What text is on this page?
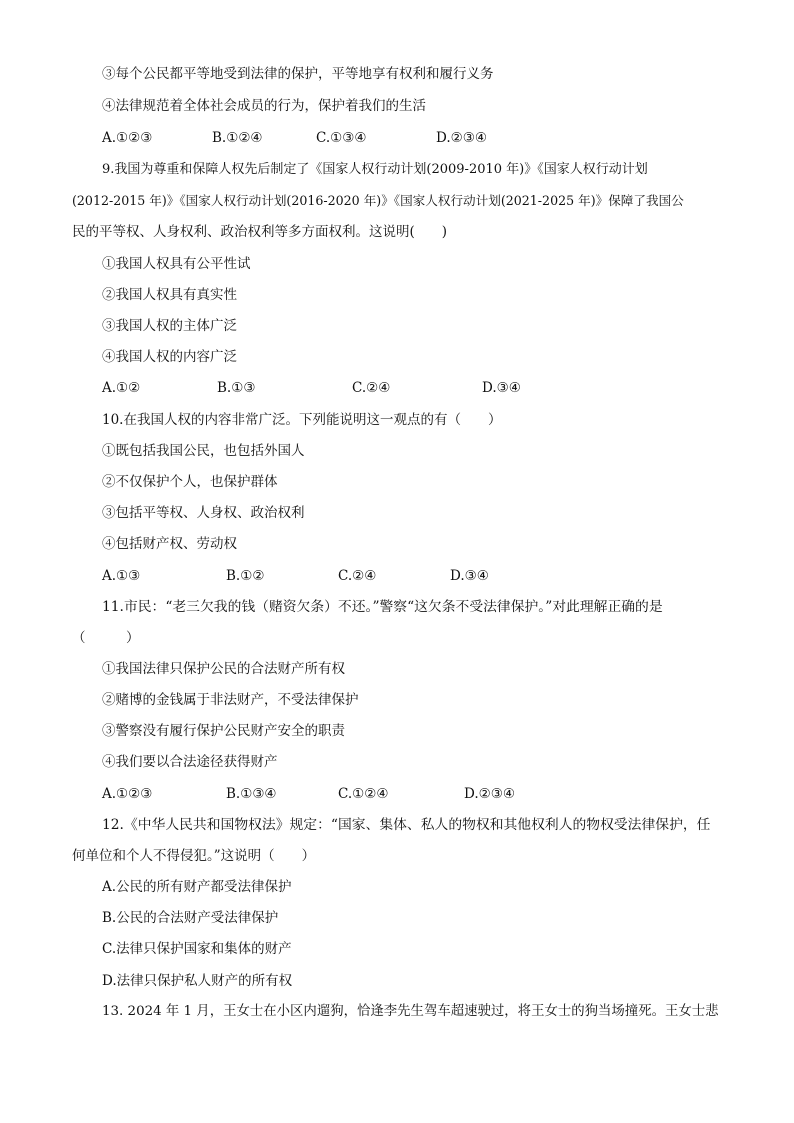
③每个公民都平等地受到法律的保护，平等地享有权利和履行义务
④法律规范着全体社会成员的行为，保护着我们的生活
A.①②③	B.①②④	C.①③④	D.②③④
9.我国为尊重和保障人权先后制定了《国家人权行动计划(2009-2010 年)》《国家人权行动计划
(2012-2015 年)》《国家人权行动计划(2016-2020 年)》《国家人权行动计划(2021-2025 年)》保障了我国公
民的平等权、人身权利、政治权利等多方面权利。这说明(　　)
①我国人权具有公平性试
②我国人权具有真实性
③我国人权的主体广泛
④我国人权的内容广泛
A.①②	B.①③	C.②④	D.③④
10.在我国人权的内容非常广泛。下列能说明这一观点的有（　　）
①既包括我国公民，也包括外国人
②不仅保护个人，也保护群体
③包括平等权、人身权、政治权利
④包括财产权、劳动权
A.①③	B.①②	C.②④	D.③④
11.市民：“老三欠我的钱（赌资欠条）不还。”警察“这欠条不受法律保护。”对此理解正确的是
（　　　）
①我国法律只保护公民的合法财产所有权
②赌博的金钱属于非法财产，不受法律保护
③警察没有履行保护公民财产安全的职责
④我们要以合法途径获得财产
A.①②③	B.①③④	C.①②④	D.②③④
12.《中华人民共和国物权法》规定：“国家、集体、私人的物权和其他权利人的物权受法律保护，任
何单位和个人不得侵犯。”这说明（　　）
A.公民的所有财产都受法律保护
B.公民的合法财产受法律保护
C.法律只保护国家和集体的财产
D.法律只保护私人财产的所有权
13. 2024 年 1 月，王女士在小区内遛狗，恰逢李先生驾车超速驶过，将王女士的狗当场撞死。王女士悲
